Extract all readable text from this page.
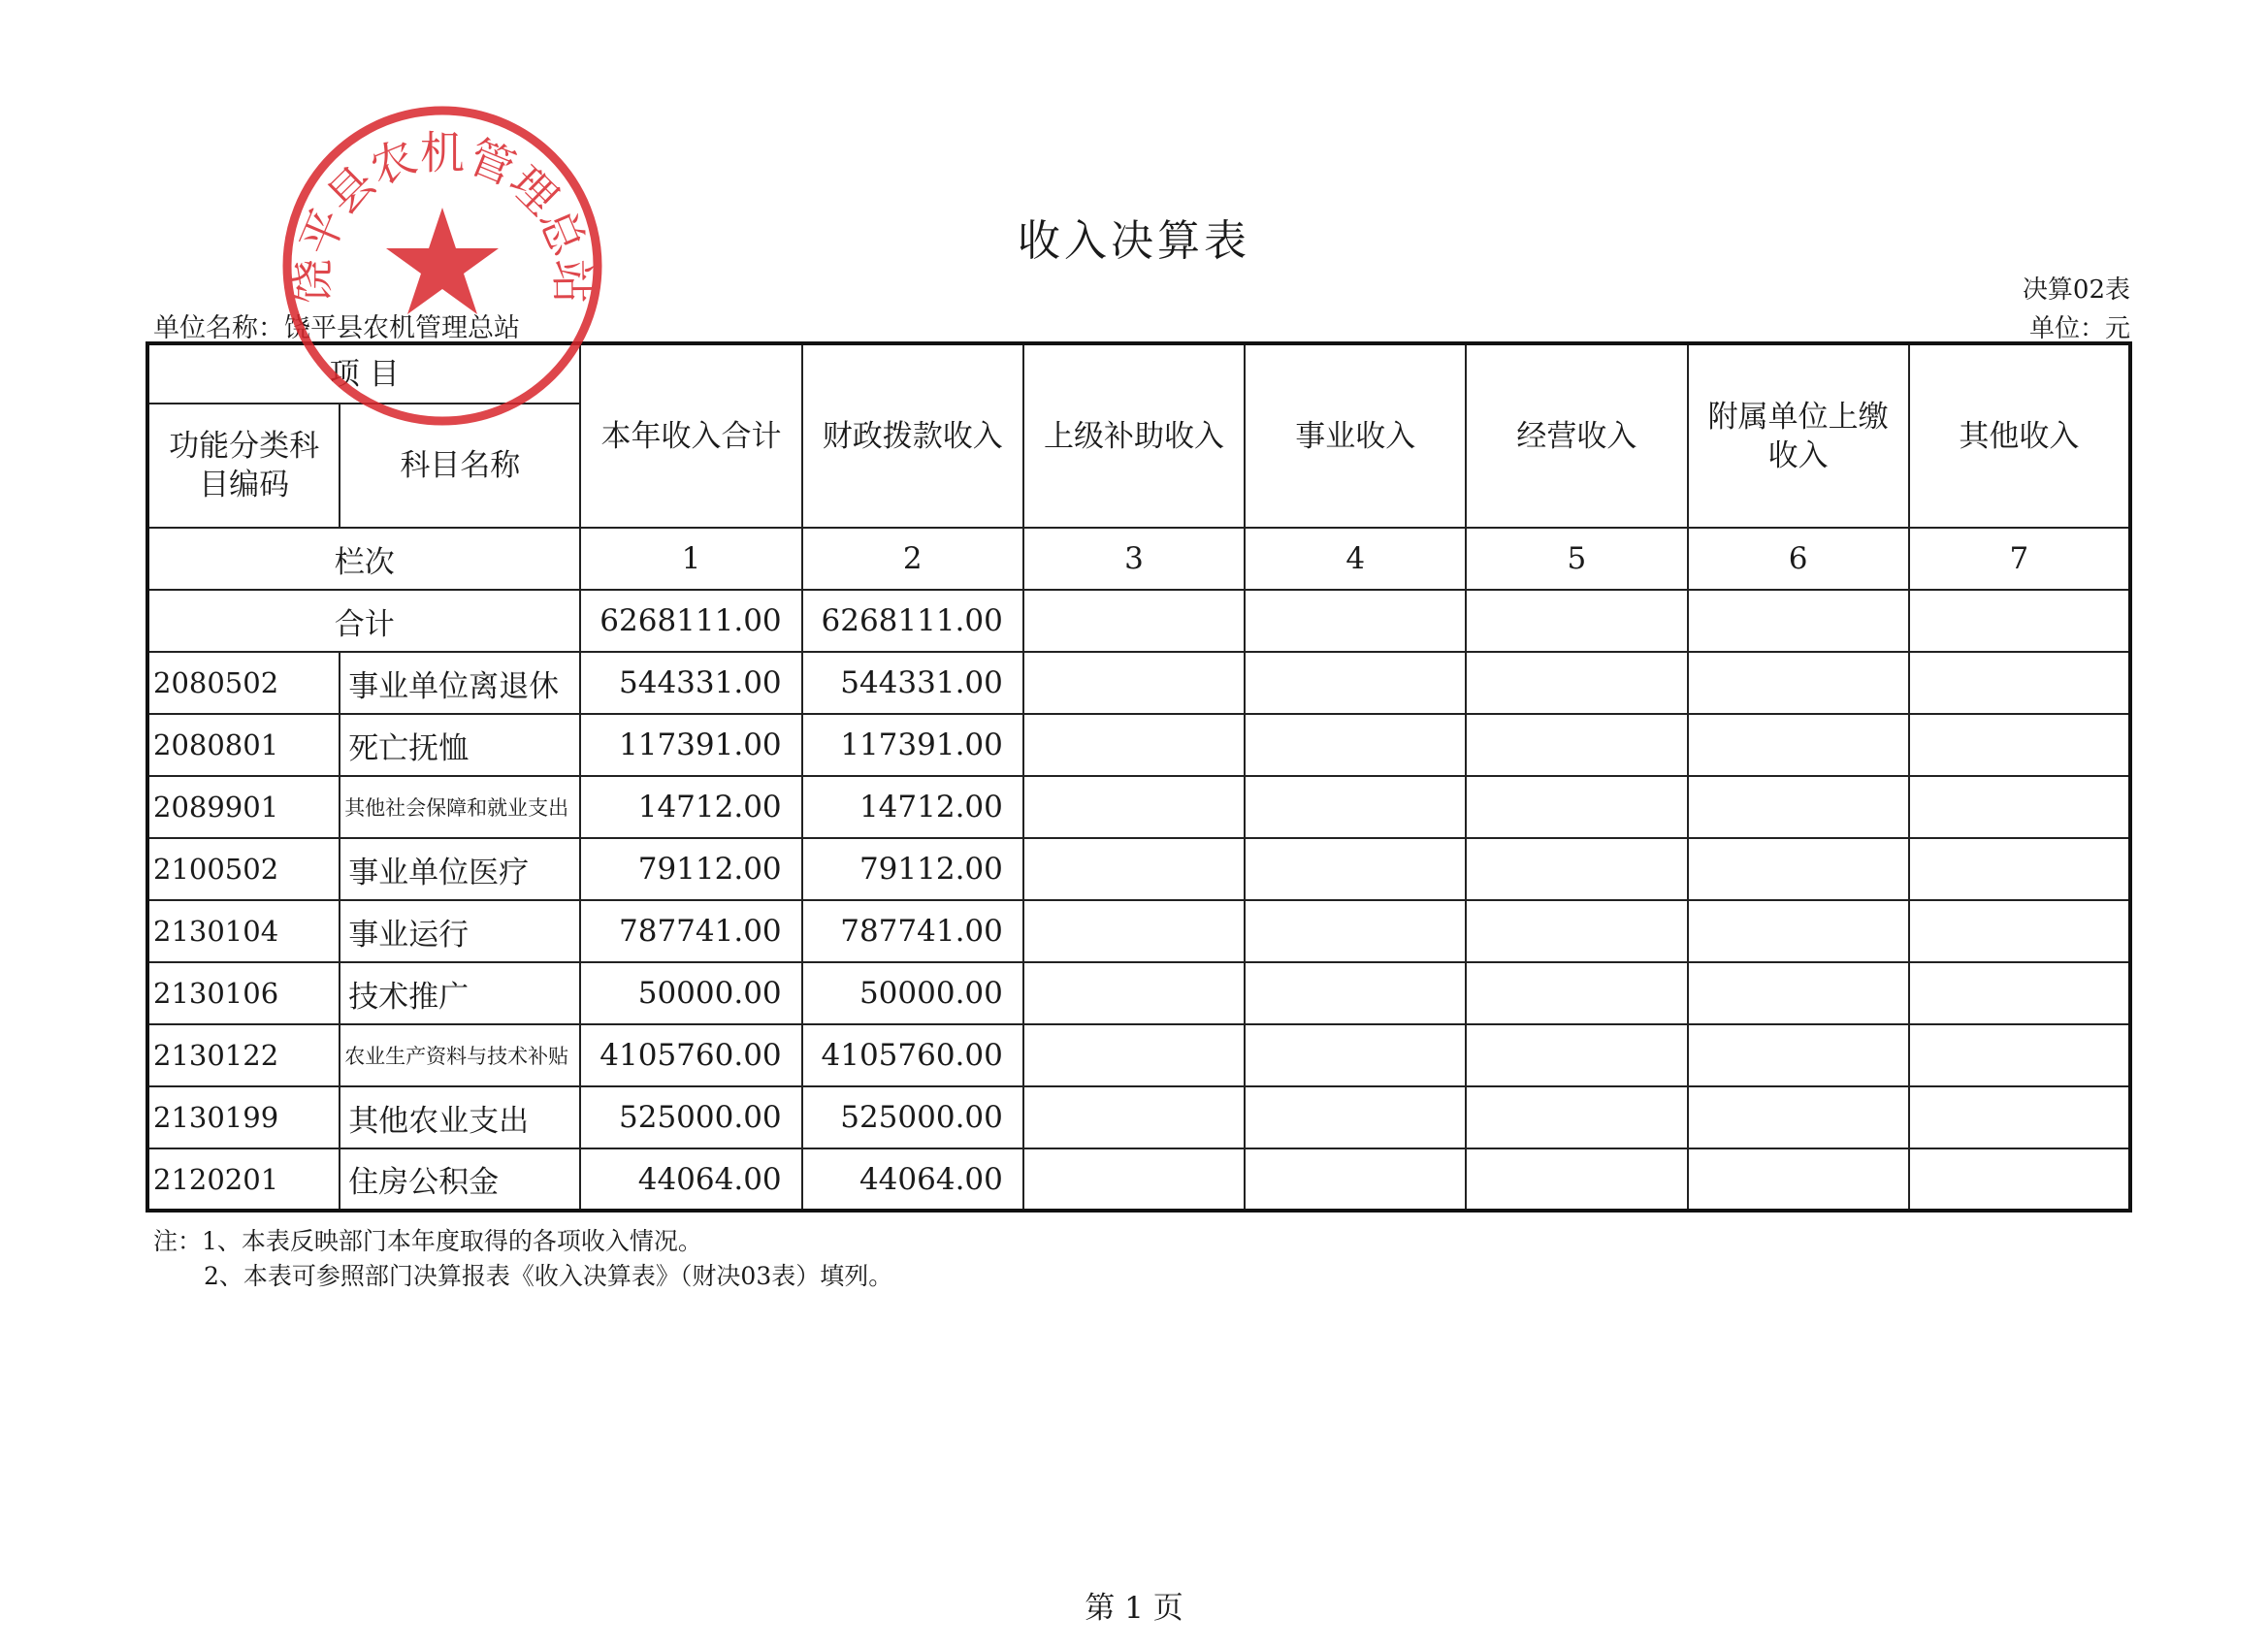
收入决算表
决算02表
单位：元
单位名称：饶平县农机管理总站
项 目		本年收入合计	财政拨款收入	上级补助收入	事业收入	经营收入	附属单位上缴收入	其他收入
功能分类科目编码	科目名称							
栏次		1	2	3	4	5	6	7
合计		6268111.00	6268111.00					
2080502	事业单位离退休	544331.00	544331.00					
2080801	死亡抚恤	117391.00	117391.00					
2089901	其他社会保障和就业支出	14712.00	14712.00					
2100502	事业单位医疗	79112.00	79112.00					
2130104	事业运行	787741.00	787741.00					
2130106	技术推广	50000.00	50000.00					
2130122	农业生产资料与技术补贴	4105760.00	4105760.00					
2130199	其他农业支出	525000.00	525000.00					
2120201	住房公积金	44064.00	44064.00					
注：1、本表反映部门本年度取得的各项收入情况。
2、本表可参照部门决算报表《收入决算表》（财决03表）填列。
第 1 页
饶平县农机管理总站
